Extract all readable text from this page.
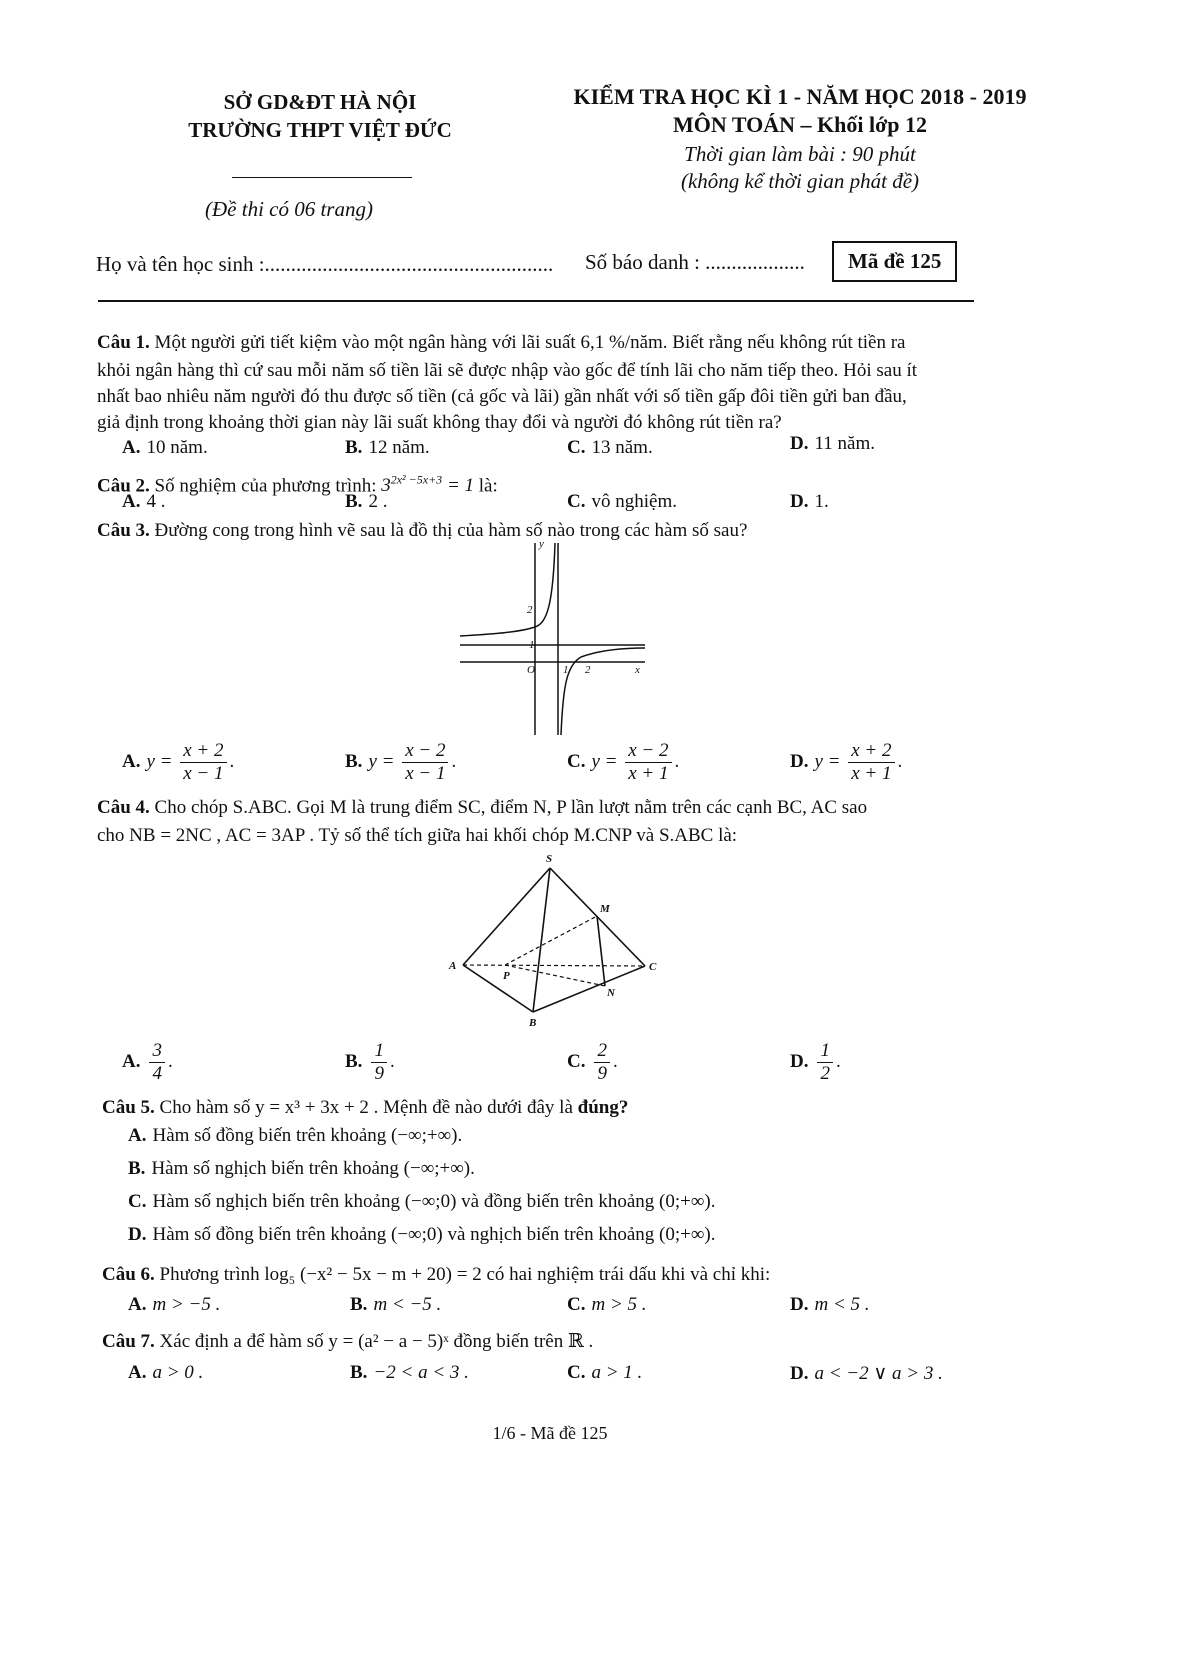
SỞ GD&ĐT HÀ NỘI
TRƯỜNG THPT VIỆT ĐỨC
(Đề thi có 06 trang)
KIỂM TRA HỌC KÌ 1 - NĂM HỌC 2018 - 2019
MÔN TOÁN – Khối lớp 12
Thời gian làm bài : 90 phút
(không kể thời gian phát đề)
Họ và tên học sinh :....................................................... Số báo danh : ...................	Mã đề 125
Câu 1. Một người gửi tiết kiệm vào một ngân hàng với lãi suất 6,1 %/năm. Biết rằng nếu không rút tiền ra
khỏi ngân hàng thì cứ sau mỗi năm số tiền lãi sẽ được nhập vào gốc để tính lãi cho năm tiếp theo. Hỏi sau ít
nhất bao nhiêu năm người đó thu được số tiền (cả gốc và lãi) gần nhất với số tiền gấp đôi tiền gửi ban đầu,
giả định trong khoảng thời gian này lãi suất không thay đổi và người đó không rút tiền ra?
A. 10 năm.	B. 12 năm.	C. 13 năm.	D. 11 năm.
Câu 2. Số nghiệm của phương trình: $3^{2x^2 -5x+3} = 1$ là:
A. 4 .	B. 2 .	C. vô nghiệm.	D. 1.
Câu 3. Đường cong trong hình vẽ sau là đồ thị của hàm số nào trong các hàm số sau?
y
x
O
2
1
1 2
A. $y = \frac{x + 2}{x - 1}$ .	B. $y = \frac{x - 2}{x - 1}$ .	C. $y = \frac{x - 2}{x + 1}$ .	D. $y = \frac{x + 2}{x + 1}$ .
Câu 4. Cho chóp S.ABC. Gọi M là trung điểm SC, điểm N, P lần lượt nằm trên các cạnh BC, AC sao
cho NB = 2NC , AC = 3AP . Tỷ số thể tích giữa hai khối chóp M.CNP và S.ABC là:
S
A
B
C
M
N
P
A. $\frac{3}{4}$ .	B. $\frac{1}{9}$ .	C. $\frac{2}{9}$ .	D. $\frac{1}{2}$ .
Câu 5. Cho hàm số y = x³ + 3x + 2 . Mệnh đề nào dưới đây là đúng?
A. Hàm số đồng biến trên khoảng (−∞;+∞).
B. Hàm số nghịch biến trên khoảng (−∞;+∞).
C. Hàm số nghịch biến trên khoảng (−∞;0) và đồng biến trên khoảng (0;+∞).
D. Hàm số đồng biến trên khoảng (−∞;0) và nghịch biến trên khoảng (0;+∞).
Câu 6. Phương trình log₅ (−x² − 5x − m + 20) = 2 có hai nghiệm trái dấu khi và chỉ khi:
A. m > −5 .	B. m < −5 .	C. m > 5 .	D. m < 5 .
Câu 7. Xác định a để hàm số y = (a² − a − 5)ˣ đồng biến trên ℝ .
A. a > 0 .	B. −2 < a < 3 .	C. a > 1 .	D. a < −2 ∨ a > 3 .
1/6 - Mã đề 125
